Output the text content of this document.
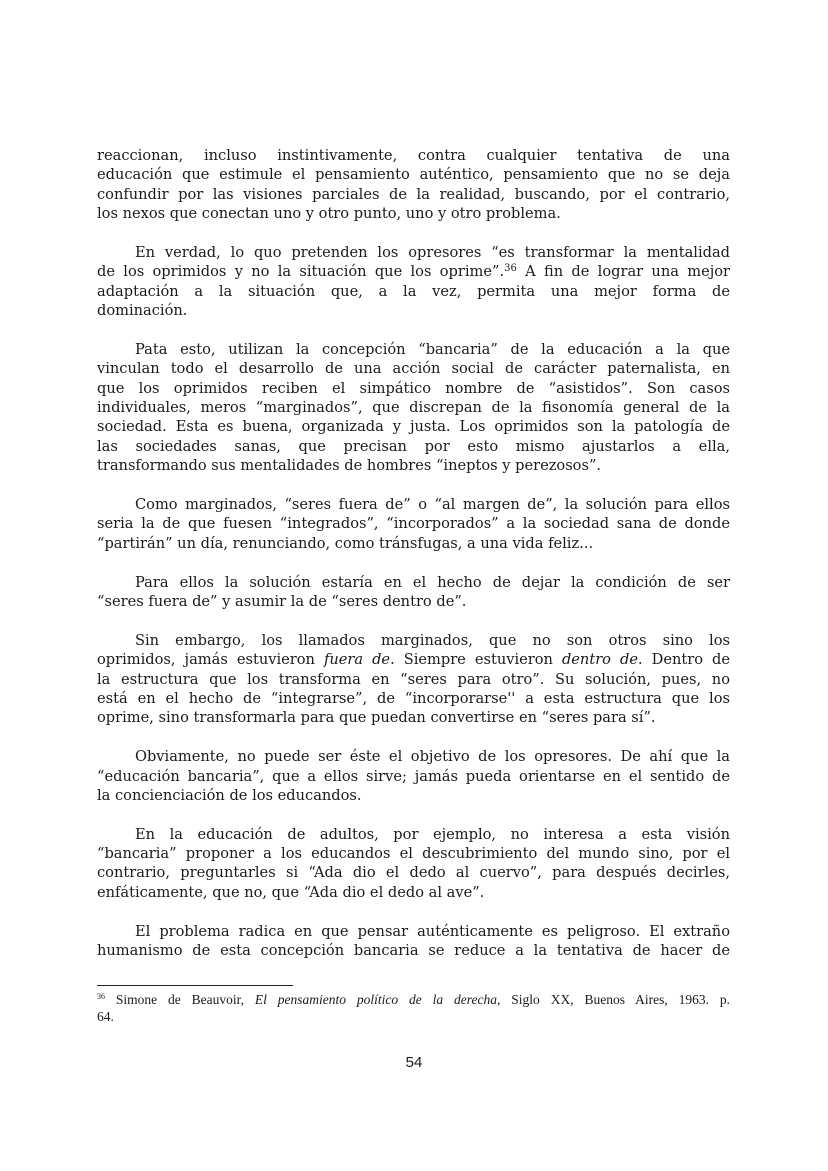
reaccionan, incluso instintivamente, contra cualquier tentativa de una
educación que estimule el pensamiento auténtico, pensamiento que no se deja
confundir por las visiones parciales de la realidad, buscando, por el contrario,
los nexos que conectan uno y otro punto, uno y otro problema.
En verdad, lo quo pretenden los opresores “es transformar la mentalidad
de los oprimidos y no la situación que los oprime”.$^{36}$ A fin de lograr una mejor
adaptación a la situación que, a la vez, permita una mejor forma de
dominación.
Pata esto, utilizan la concepción “bancaria” de la educación a la que
vinculan todo el desarrollo de una acción social de carácter paternalista, en
que los oprimidos reciben el simpático nombre de “asistidos”. Son casos
individuales, meros “marginados”, que discrepan de la fisonomía general de la
sociedad. Esta es buena, organizada y justa. Los oprimidos son la patología de
las sociedades sanas, que precisan por esto mismo ajustarlos a ella,
transformando sus mentalidades de hombres “ineptos y perezosos”.
Como marginados, “seres fuera de” o “al margen de”, la solución para ellos
seria la de que fuesen “integrados”, “incorporados” a la sociedad sana de donde
“partirán” un día, renunciando, como tránsfugas, a una vida feliz...
Para ellos la solución estaría en el hecho de dejar la condición de ser
“seres fuera de” y asumir la de “seres dentro de”.
Sin embargo, los llamados marginados, que no son otros sino los
oprimidos, jamás estuvieron fuera de. Siempre estuvieron dentro de. Dentro de
la estructura que los transforma en “seres para otro”. Su solución, pues, no
está en el hecho de “integrarse”, de “incorporarse'' a esta estructura que los
oprime, sino transformarla para que puedan convertirse en “seres para sí”.
Obviamente, no puede ser éste el objetivo de los opresores. De ahí que la
“educación bancaria”, que a ellos sirve; jamás pueda orientarse en el sentido de
la concienciación de los educandos.
En la educación de adultos, por ejemplo, no interesa a esta visión
“bancaria” proponer a los educandos el descubrimiento del mundo sino, por el
contrario, preguntarles si “Ada dio el dedo al cuervo”, para después decirles,
enfáticamente, que no, que “Ada dio el dedo al ave”.
El problema radica en que pensar auténticamente es peligroso. El extraño
humanismo de esta concepción bancaria se reduce a la tentativa de hacer de
$^{36}$ Simone de Beauvoir, El pensamiento político de la derecha, Siglo XX, Buenos Aires, 1963. p.
64.
54
